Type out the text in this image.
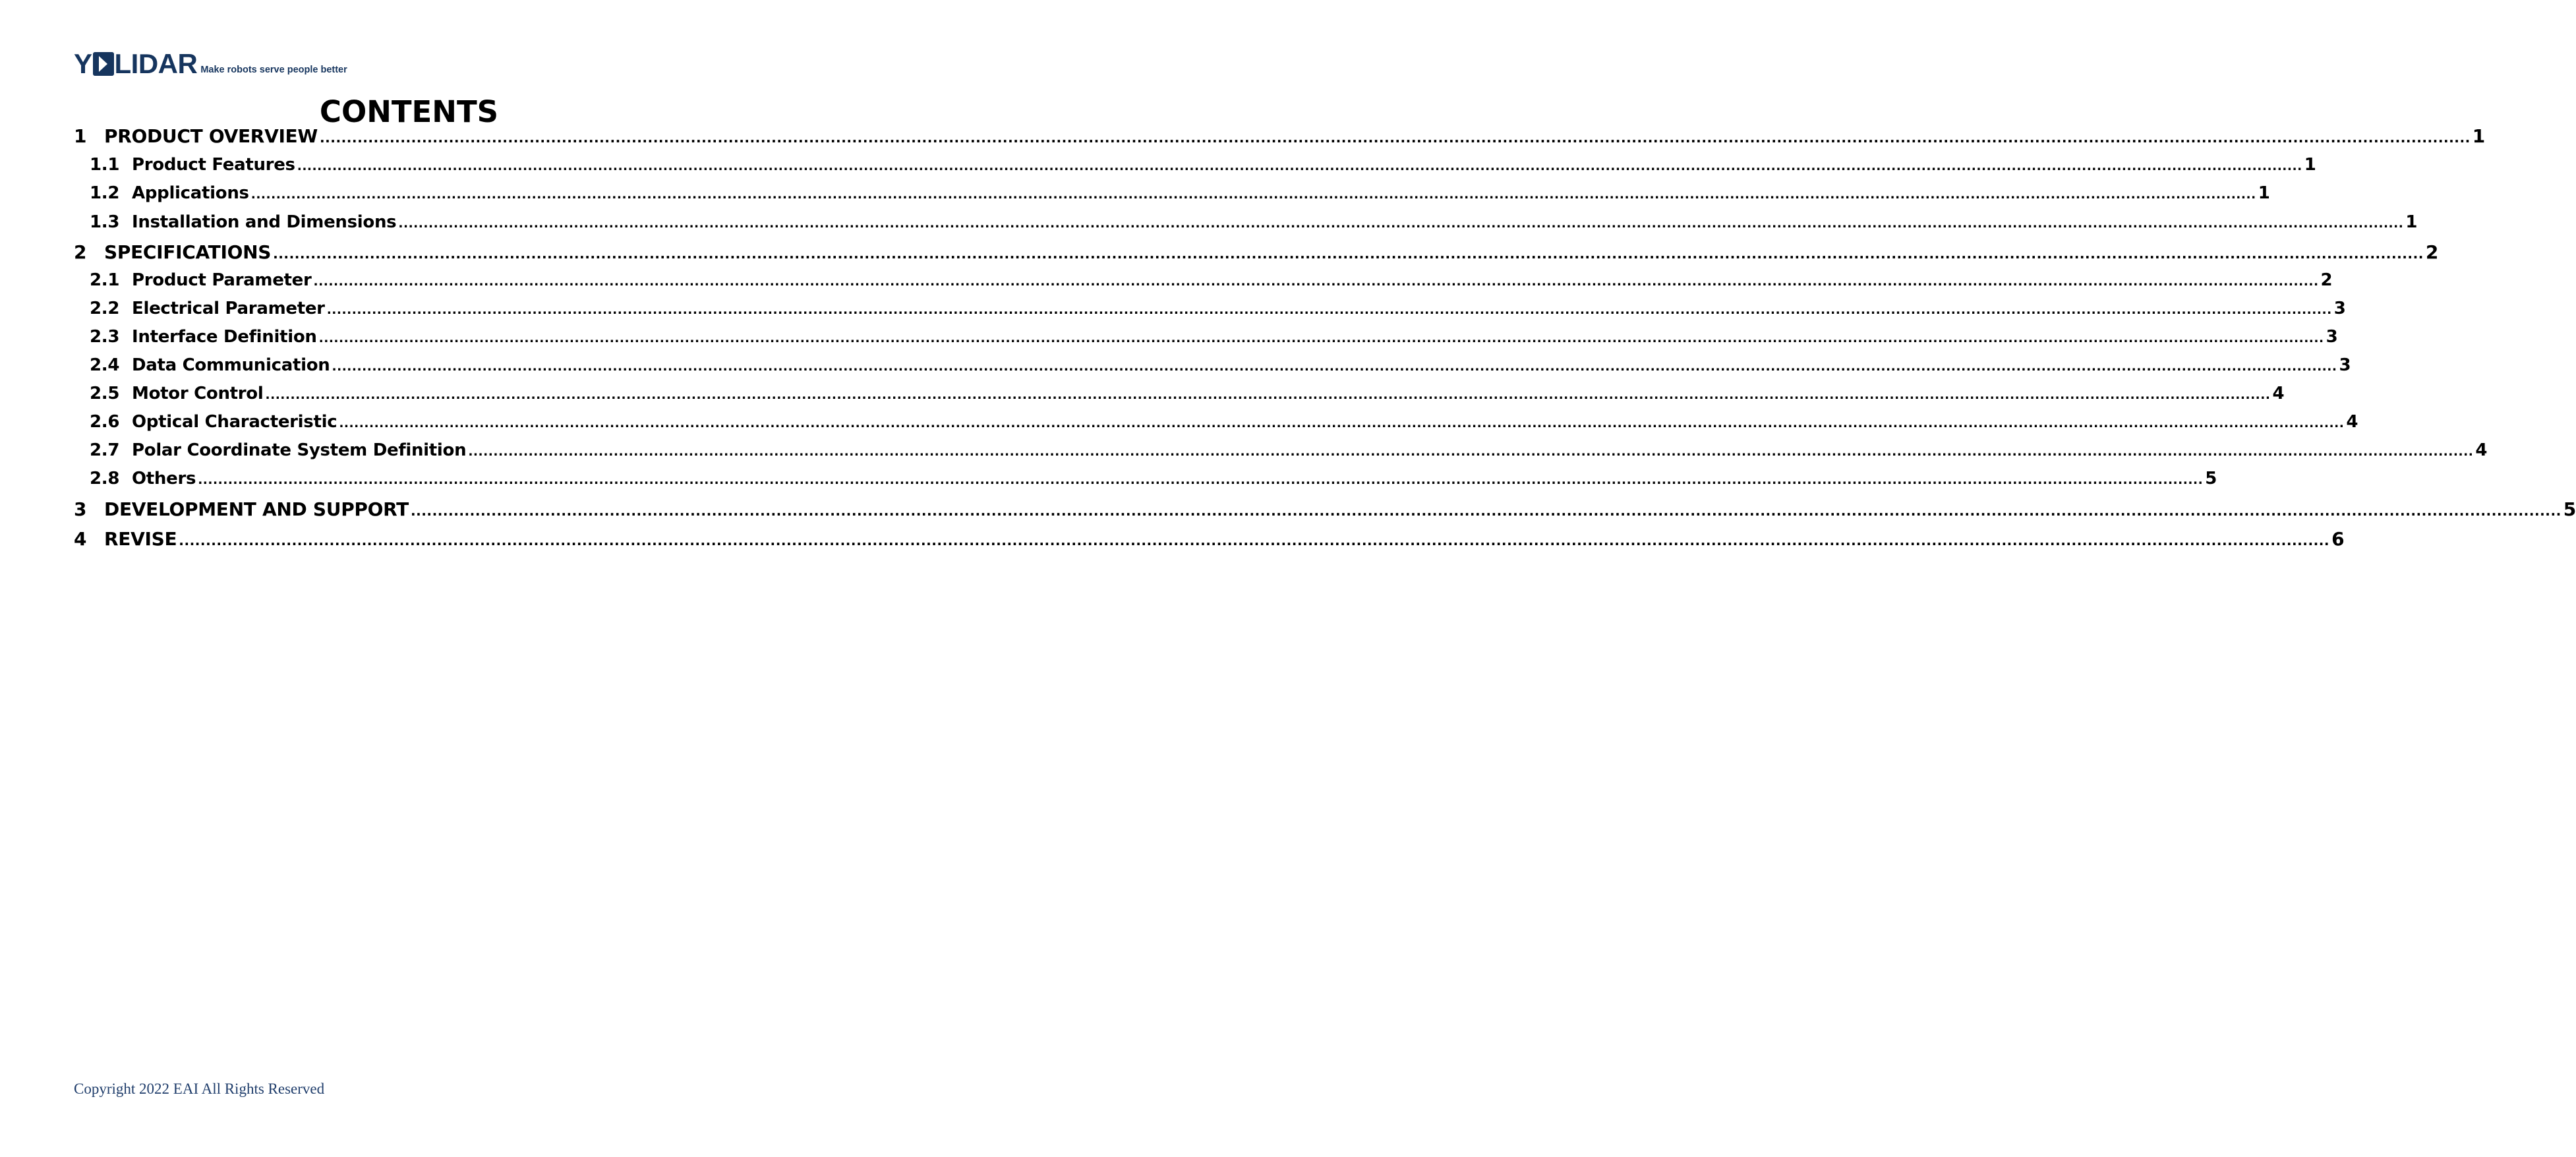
Y LIDAR Make robots serve people better
CONTENTS
1 PRODUCT OVERVIEW ................................................................................................................................................................................................................................................................................................................................................................................................................ 1
1.1 Product Features ................................................................................................................................................................................................................................................................................................................................................................................................................ 1
1.2 Applications ................................................................................................................................................................................................................................................................................................................................................................................................................ 1
1.3 Installation and Dimensions ................................................................................................................................................................................................................................................................................................................................................................................................................ 1
2 SPECIFICATIONS ................................................................................................................................................................................................................................................................................................................................................................................................................ 2
2.1 Product Parameter ................................................................................................................................................................................................................................................................................................................................................................................................................ 2
2.2 Electrical Parameter ................................................................................................................................................................................................................................................................................................................................................................................................................ 3
2.3 Interface Definition ................................................................................................................................................................................................................................................................................................................................................................................................................ 3
2.4 Data Communication ................................................................................................................................................................................................................................................................................................................................................................................................................ 3
2.5 Motor Control ................................................................................................................................................................................................................................................................................................................................................................................................................ 4
2.6 Optical Characteristic ................................................................................................................................................................................................................................................................................................................................................................................................................ 4
2.7 Polar Coordinate System Definition ................................................................................................................................................................................................................................................................................................................................................................................................................ 4
2.8 Others ................................................................................................................................................................................................................................................................................................................................................................................................................ 5
3 DEVELOPMENT AND SUPPORT ................................................................................................................................................................................................................................................................................................................................................................................................................ 5
4 REVISE ................................................................................................................................................................................................................................................................................................................................................................................................................ 6
Copyright 2022 EAI All Rights Reserved
